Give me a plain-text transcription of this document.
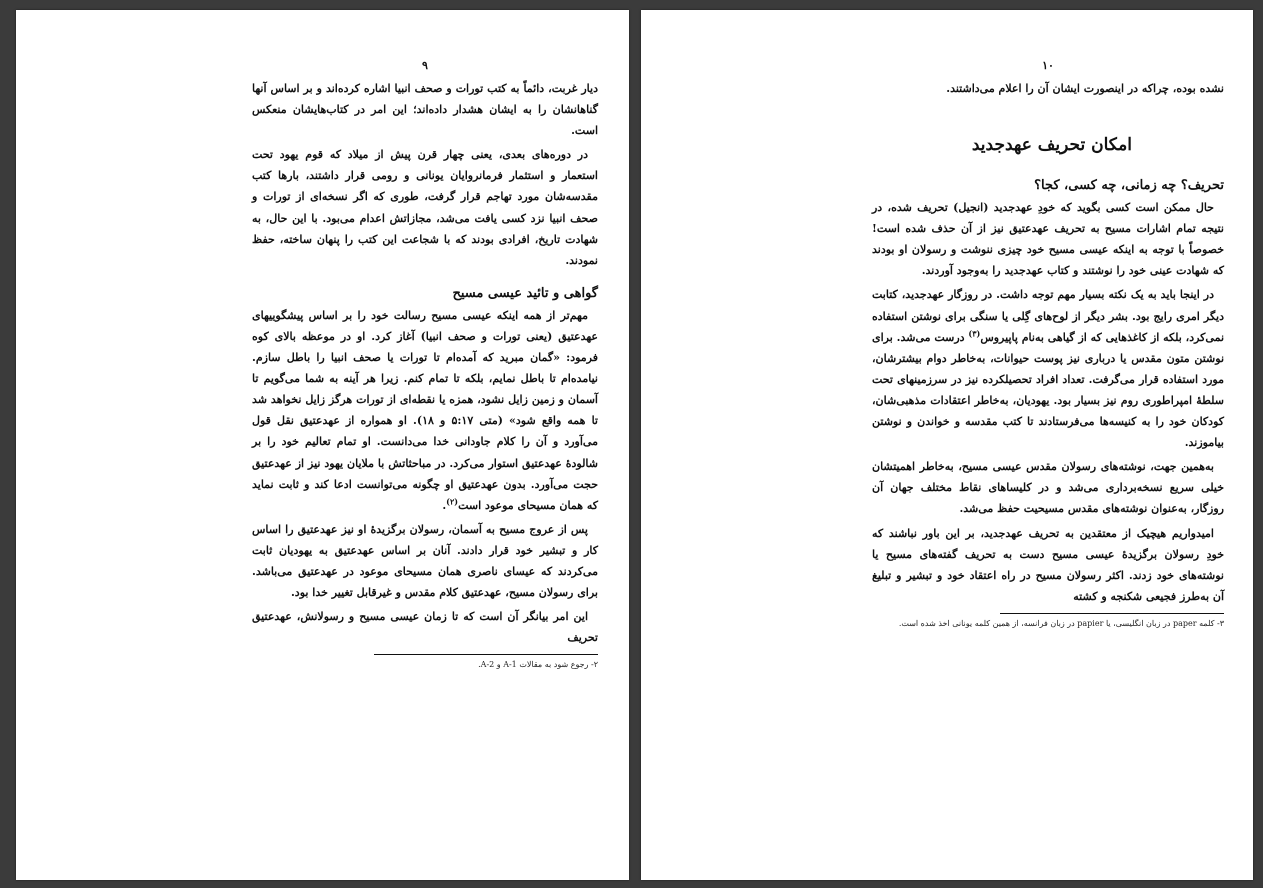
٩

دیار غربت، دائماً به کتب تورات و صحف انبیا اشاره کرده‌اند و بر اساس آنها گناهانشان را به ایشان هشدار داده‌اند؛ این امر در کتاب‌هایشان منعکس است.

در دوره‌های بعدی، یعنی چهار قرن پیش از میلاد که قوم یهود تحت استعمار و استثمار فرمانروایان یونانی و رومی قرار داشتند، بارها کتب مقدسه‌شان مورد تهاجم قرار گرفت، طوری که اگر نسخه‌ای از تورات و صحف انبیا نزد کسی یافت می‌شد، مجازاتش اعدام می‌بود. با این حال، به شهادت تاریخ، افرادی بودند که با شجاعت این کتب را پنهان ساخته، حفظ نمودند.

گواهی و تائید عیسی مسیح

مهم‌تر از همه اینکه عیسی مسیح رسالت خود را بر اساس پیشگوییهای عهدعتیق (یعنی تورات و صحف انبیا) آغاز کرد. او در موعظه بالای کوه فرمود: «گمان مبرید که آمده‌ام تا تورات یا صحف انبیا را باطل سازم. نیامده‌ام تا باطل نمایم، بلکه تا تمام کنم. زیرا هر آینه به شما می‌گویم تا آسمان و زمین زایل نشود، همزه یا نقطه‌ای از تورات هرگز زایل نخواهد شد تا همه واقع شود» (متی ۵:۱۷ و ۱۸). او همواره از عهدعتیق نقل قول می‌آورد و آن را کلام جاودانی خدا می‌دانست. او تمام تعالیم خود را بر شالودهٔ عهدعتیق استوار می‌کرد. در مباحثاتش با ملایان یهود نیز از عهدعتیق حجت می‌آورد. بدون عهدعتیق او چگونه می‌توانست ادعا کند و ثابت نماید که همان مسیحای موعود است$^{(۲)}$.

پس از عروج مسیح به آسمان، رسولان برگزیدهٔ او نیز عهدعتیق را اساس کار و تبشیر خود قرار دادند. آنان بر اساس عهدعتیق به یهودیان ثابت می‌کردند که عیسای ناصری همان مسیحای موعود در عهدعتیق می‌باشد. برای رسولان مسیح، عهدعتیق کلام مقدس و غیرقابل تغییر خدا بود.

این امر بیانگر آن است که تا زمان عیسی مسیح و رسولانش، عهدعتیق تحریف

۲- رجوع شود به مقالات A-1 و A-2.
١٠

نشده بوده، چراکه در اینصورت ایشان آن را اعلام می‌داشتند.

امکان تحریف عهدجدید
تحریف؟ چه زمانی، چه کسی، کجا؟

حال ممکن است کسی بگوید که خودِ عهدجدید (انجیل) تحریف شده، در نتیجه تمام اشارات مسیح به تحریف عهدعتیق نیز از آن حذف شده است! خصوصاً با توجه به اینکه عیسی مسیح خود چیزی ننوشت و رسولان او بودند که شهادت عینی خود را نوشتند و کتاب عهدجدید را به‌وجود آوردند.

در اینجا باید به یک نکته بسیار مهم توجه داشت. در روزگار عهدجدید، کتابت دیگر امری رایج بود. بشر دیگر از لوح‌های گِلی یا سنگی برای نوشتن استفاده نمی‌کرد، بلکه از کاغذهایی که از گیاهی به‌نام پاپیروس$^{(۳)}$ درست می‌شد. برای نوشتن متون مقدس یا درباری نیز پوست حیوانات، به‌خاطر دوام بیشترشان، مورد استفاده قرار می‌گرفت. تعداد افراد تحصیلکرده نیز در سرزمینهای تحت سلطهٔ امپراطوری روم نیز بسیار بود. یهودیان، به‌خاطر اعتقادات مذهبی‌شان، کودکان خود را به کنیسه‌ها می‌فرستادند تا کتب مقدسه و خواندن و نوشتن بیاموزند.

به‌همین جهت، نوشته‌های رسولان مقدس عیسی مسیح، به‌خاطر اهمیتشان خیلی سریع نسخه‌برداری می‌شد و در کلیساهای نقاط مختلف جهان آن روزگار، به‌عنوان نوشته‌های مقدس مسیحیت حفظ می‌شد.

امیدواریم هیچیک از معتقدین به تحریف عهدجدید، بر این باور نباشند که خودِ رسولان برگزیدهٔ عیسی مسیح دست به تحریف گفته‌های مسیح یا نوشته‌های خود زدند. اکثر رسولان مسیح در راه اعتقاد خود و تبشیر و تبلیغ آن به‌طرز فجیعی شکنجه و کشته

۳- کلمه paper در زبان انگلیسی، یا papier در زبان فرانسه، از همین کلمه یونانی اخذ شده است.
